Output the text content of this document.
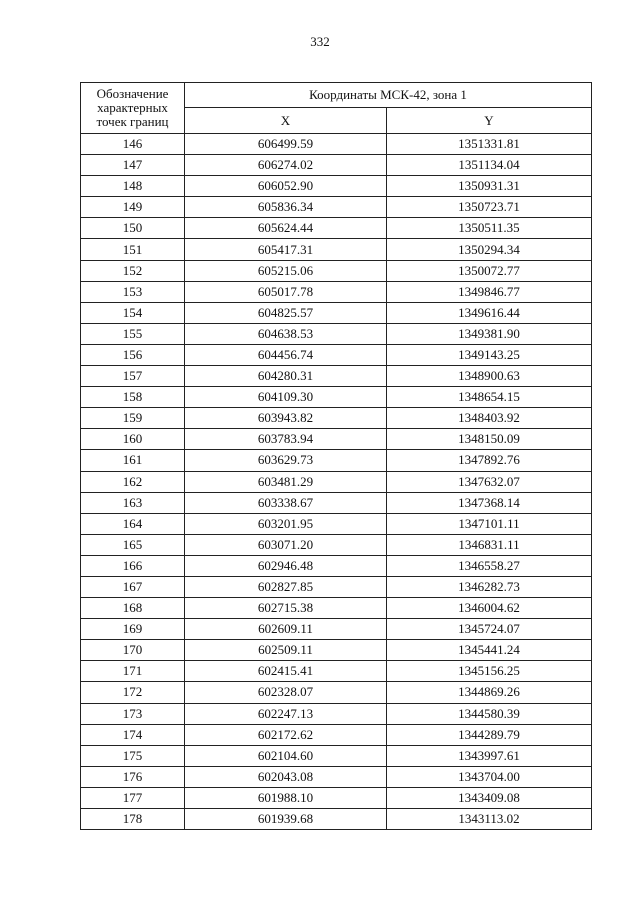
332
Обозначение характерных точек границ	Координаты МСК-42, зона 1	
	X	Y
146	606499.59	1351331.81
147	606274.02	1351134.04
148	606052.90	1350931.31
149	605836.34	1350723.71
150	605624.44	1350511.35
151	605417.31	1350294.34
152	605215.06	1350072.77
153	605017.78	1349846.77
154	604825.57	1349616.44
155	604638.53	1349381.90
156	604456.74	1349143.25
157	604280.31	1348900.63
158	604109.30	1348654.15
159	603943.82	1348403.92
160	603783.94	1348150.09
161	603629.73	1347892.76
162	603481.29	1347632.07
163	603338.67	1347368.14
164	603201.95	1347101.11
165	603071.20	1346831.11
166	602946.48	1346558.27
167	602827.85	1346282.73
168	602715.38	1346004.62
169	602609.11	1345724.07
170	602509.11	1345441.24
171	602415.41	1345156.25
172	602328.07	1344869.26
173	602247.13	1344580.39
174	602172.62	1344289.79
175	602104.60	1343997.61
176	602043.08	1343704.00
177	601988.10	1343409.08
178	601939.68	1343113.02
